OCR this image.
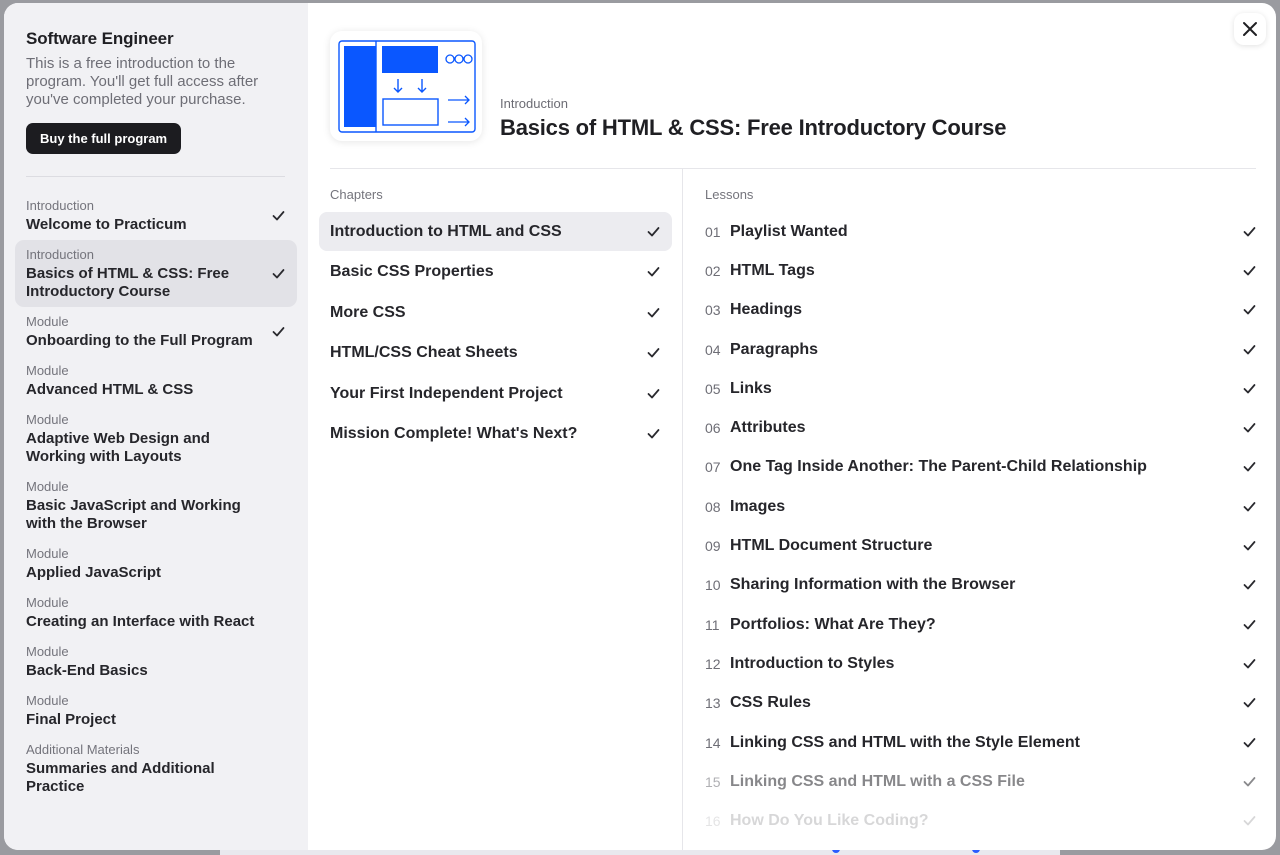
Software Engineer
This is a free introduction to the program. You'll get full access after you've completed your purchase.
Buy the full program
Introduction
Welcome to Practicum
Introduction
Basics of HTML & CSS: Free Introductory Course
Module
Onboarding to the Full Program
Module
Advanced HTML & CSS
Module
Adaptive Web Design and Working with Layouts
Module
Basic JavaScript and Working with the Browser
Module
Applied JavaScript
Module
Creating an Interface with React
Module
Back-End Basics
Module
Final Project
Additional Materials
Summaries and Additional Practice
Introduction
Basics of HTML & CSS: Free Introductory Course
Chapters
Introduction to HTML and CSS
Basic CSS Properties
More CSS
HTML/CSS Cheat Sheets
Your First Independent Project
Mission Complete! What's Next?
Lessons
01 Playlist Wanted
02 HTML Tags
03 Headings
04 Paragraphs
05 Links
06 Attributes
07 One Tag Inside Another: The Parent-Child Relationship
08 Images
09 HTML Document Structure
10 Sharing Information with the Browser
11 Portfolios: What Are They?
12 Introduction to Styles
13 CSS Rules
14 Linking CSS and HTML with the Style Element
15 Linking CSS and HTML with a CSS File
16 How Do You Like Coding?
